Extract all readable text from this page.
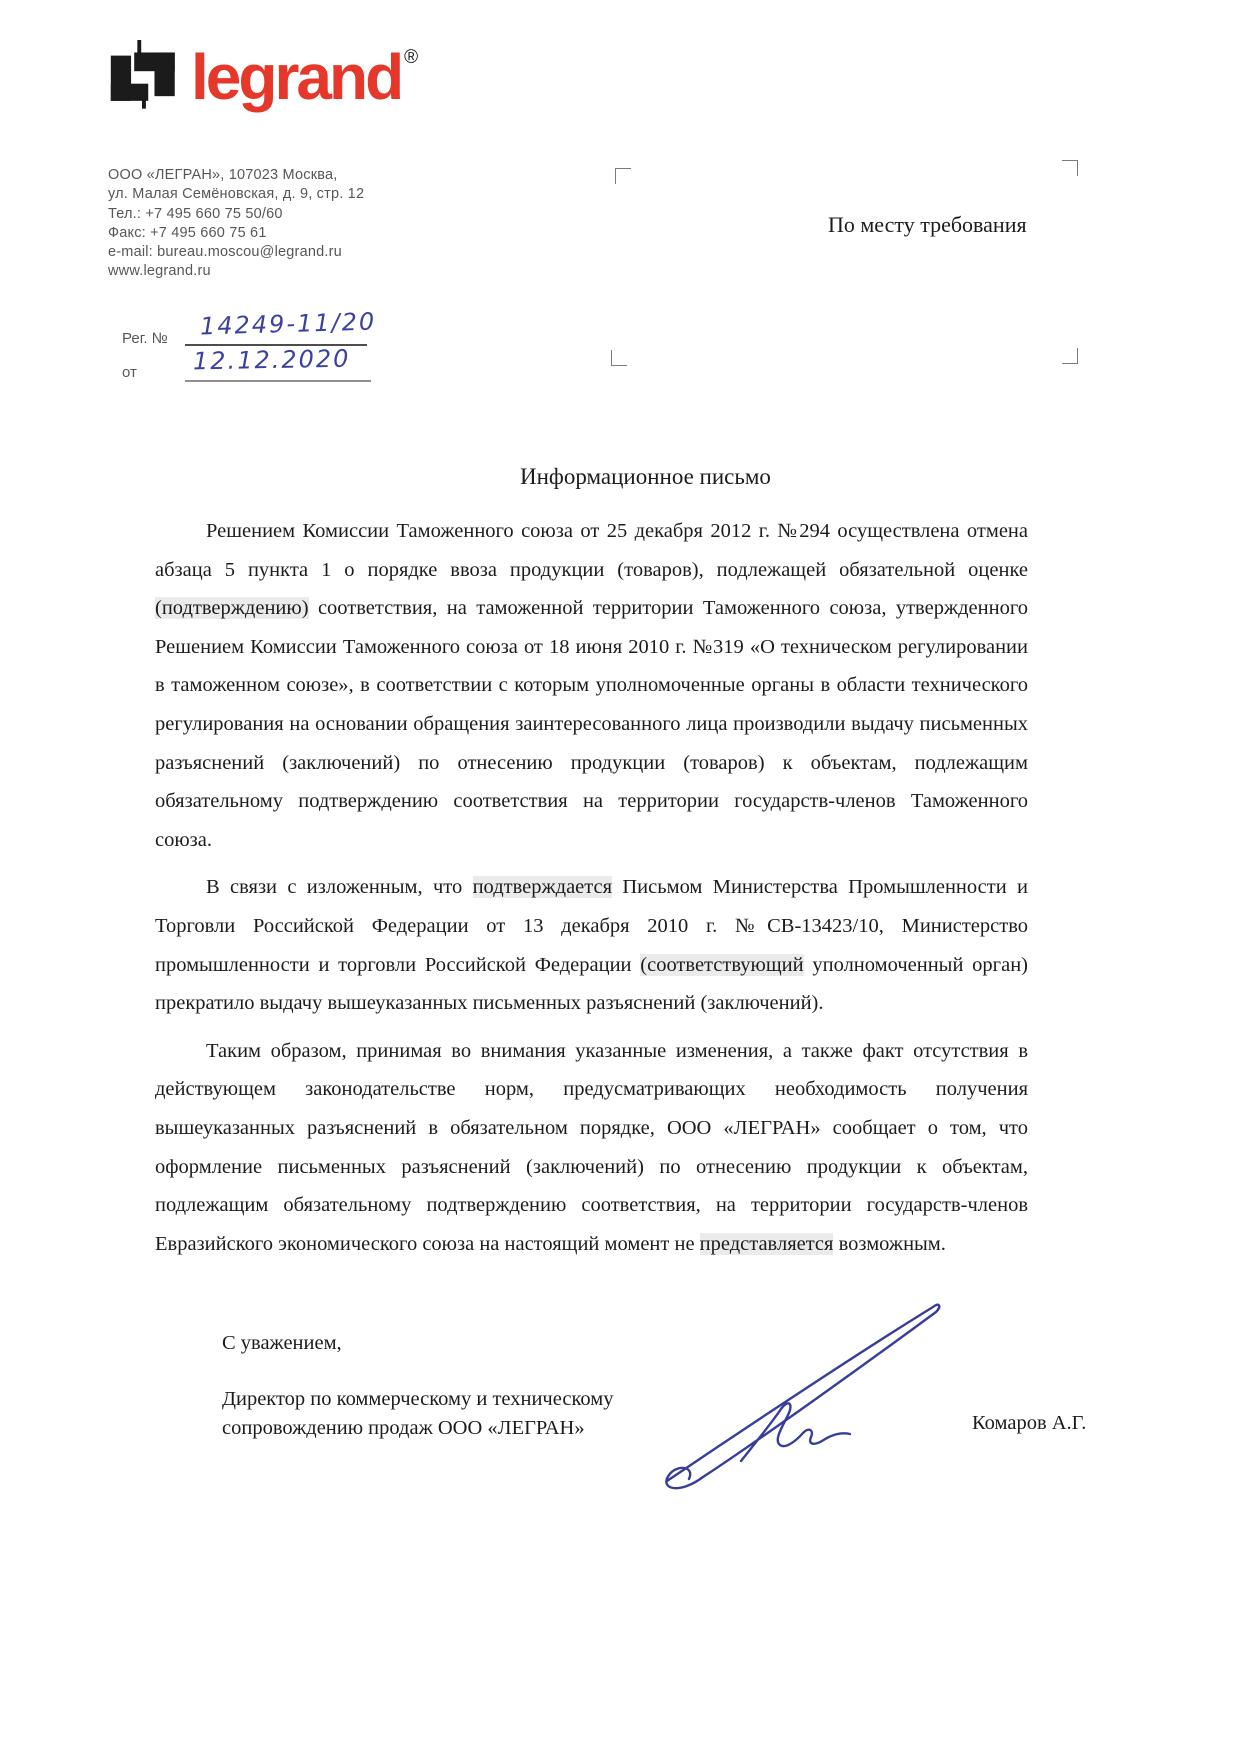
legrand ®
ООО «ЛЕГРАН», 107023 Москва,
ул. Малая Семёновская, д. 9, стр. 12
Тел.: +7 495 660 75 50/60
Факс: +7 495 660 75 61
e-mail: bureau.moscou@legrand.ru
www.legrand.ru
Рег. № 14249-11/20
от 12.12.2020
По месту требования
Информационное письмо

Решением Комиссии Таможенного союза от 25 декабря 2012 г. №294 осуществлена отмена абзаца 5 пункта 1 о порядке ввоза продукции (товаров), подлежащей обязательной оценке (подтверждению) соответствия, на таможенной территории Таможенного союза, утвержденного Решением Комиссии Таможенного союза от 18 июня 2010 г. №319 «О техническом регулировании в таможенном союзе», в соответствии с которым уполномоченные органы в области технического регулирования на основании обращения заинтересованного лица производили выдачу письменных разъяснений (заключений) по отнесению продукции (товаров) к объектам, подлежащим обязательному подтверждению соответствия на территории государств-членов Таможенного союза.

В связи с изложенным, что подтверждается Письмом Министерства Промышленности и Торговли Российской Федерации от 13 декабря 2010 г. №СВ-13423/10, Министерство промышленности и торговли Российской Федерации (соответствующий уполномоченный орган) прекратило выдачу вышеуказанных письменных разъяснений (заключений).

Таким образом, принимая во внимания указанные изменения, а также факт отсутствия в действующем законодательстве норм, предусматривающих необходимость получения вышеуказанных разъяснений в обязательном порядке, ООО «ЛЕГРАН» сообщает о том, что оформление письменных разъяснений (заключений) по отнесению продукции к объектам, подлежащим обязательному подтверждению соответствия, на территории государств-членов Евразийского экономического союза на настоящий момент не представляется возможным.

С уважением,
Директор по коммерческому и техническому
сопровождению продаж ООО «ЛЕГРАН»	Комаров А.Г.
